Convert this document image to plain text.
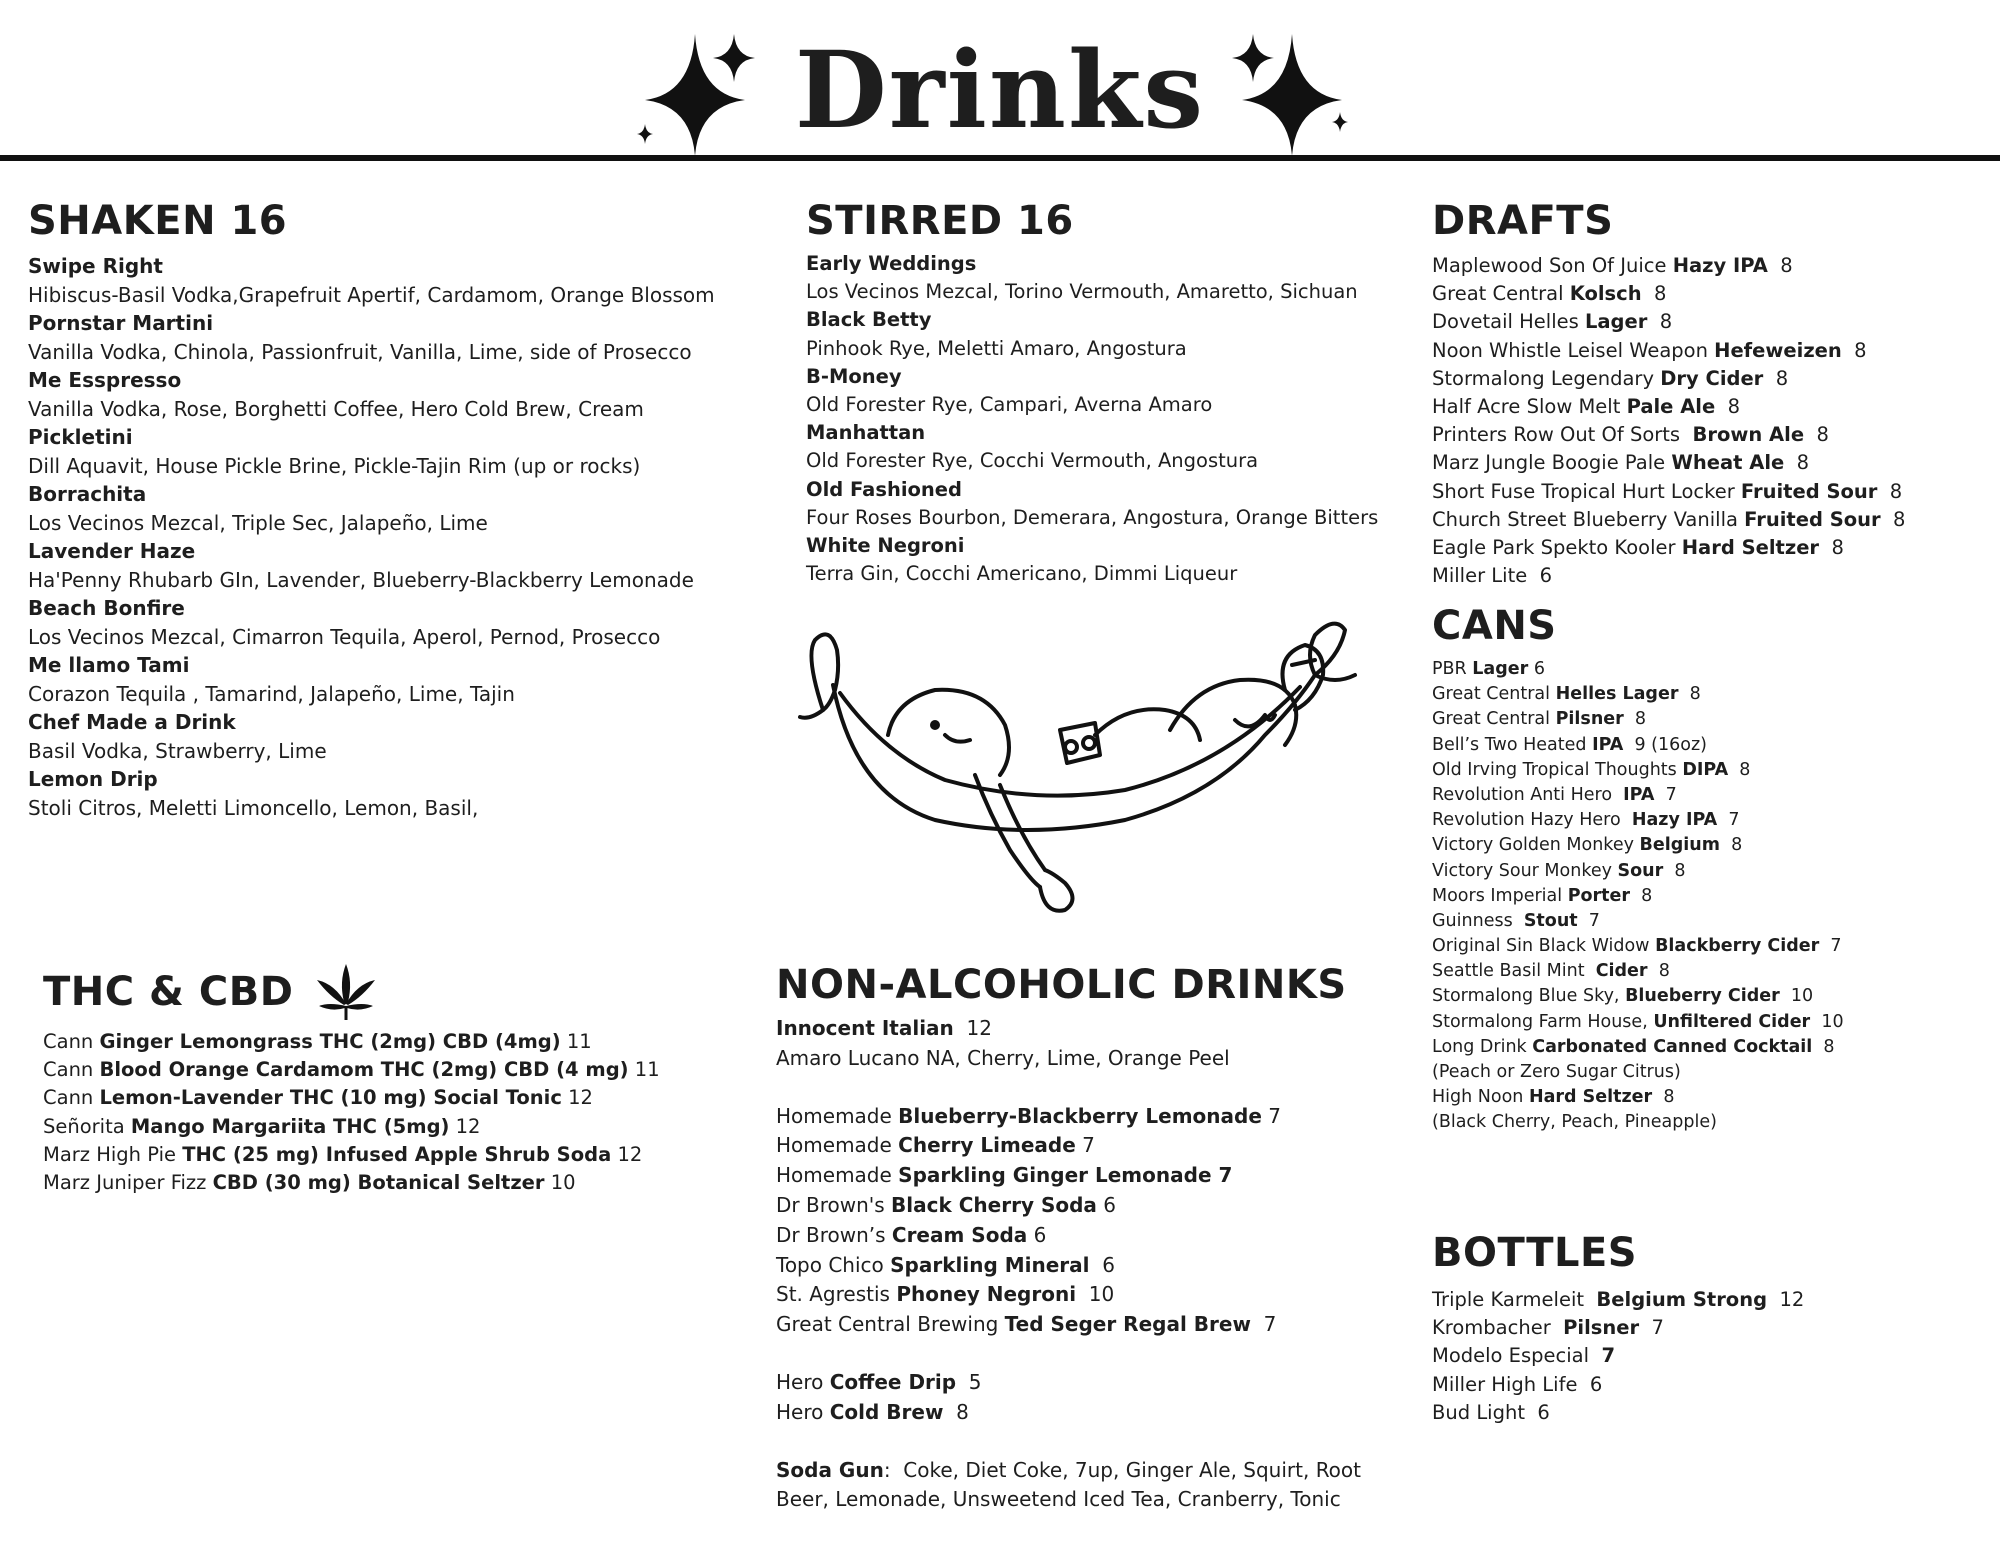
Drinks
SHAKEN 16
Swipe Right
Hibiscus-Basil Vodka,Grapefruit Apertif, Cardamom, Orange Blossom
Pornstar Martini
Vanilla Vodka, Chinola, Passionfruit, Vanilla, Lime, side of Prosecco
Me Esspresso
Vanilla Vodka, Rose, Borghetti Coffee, Hero Cold Brew, Cream
Pickletini
Dill Aquavit, House Pickle Brine, Pickle-Tajin Rim (up or rocks)
Borrachita
Los Vecinos Mezcal, Triple Sec, Jalapeño, Lime
Lavender Haze
Ha'Penny Rhubarb GIn, Lavender, Blueberry-Blackberry Lemonade
Beach Bonfire
Los Vecinos Mezcal, Cimarron Tequila, Aperol, Pernod, Prosecco
Me llamo Tami
Corazon Tequila , Tamarind, Jalapeño, Lime, Tajin
Chef Made a Drink
Basil Vodka, Strawberry, Lime
Lemon Drip
Stoli Citros, Meletti Limoncello, Lemon, Basil,
STIRRED 16
Early Weddings
Los Vecinos Mezcal, Torino Vermouth, Amaretto, Sichuan
Black Betty
Pinhook Rye, Meletti Amaro, Angostura
B-Money
Old Forester Rye, Campari, Averna Amaro
Manhattan
Old Forester Rye, Cocchi Vermouth, Angostura
Old Fashioned
Four Roses Bourbon, Demerara, Angostura, Orange Bitters
White Negroni
Terra Gin, Cocchi Americano, Dimmi Liqueur
DRAFTS
Maplewood Son Of Juice Hazy IPA  8
Great Central Kolsch  8
Dovetail Helles Lager  8
Noon Whistle Leisel Weapon Hefeweizen  8
Stormalong Legendary Dry Cider  8
Half Acre Slow Melt Pale Ale  8
Printers Row Out Of Sorts  Brown Ale  8
Marz Jungle Boogie Pale Wheat Ale  8
Short Fuse Tropical Hurt Locker Fruited Sour  8
Church Street Blueberry Vanilla Fruited Sour  8
Eagle Park Spekto Kooler Hard Seltzer  8
Miller Lite  6
CANS
PBR Lager 6
Great Central Helles Lager  8
Great Central Pilsner  8
Bell’s Two Heated IPA  9 (16oz)
Old Irving Tropical Thoughts DIPA  8
Revolution Anti Hero  IPA  7
Revolution Hazy Hero  Hazy IPA  7
Victory Golden Monkey Belgium  8
Victory Sour Monkey Sour  8
Moors Imperial Porter  8
Guinness  Stout  7
Original Sin Black Widow Blackberry Cider  7
Seattle Basil Mint  Cider  8
Stormalong Blue Sky, Blueberry Cider  10
Stormalong Farm House, Unfiltered Cider  10
Long Drink Carbonated Canned Cocktail  8
(Peach or Zero Sugar Citrus)
High Noon Hard Seltzer  8
(Black Cherry, Peach, Pineapple)
BOTTLES
Triple Karmeleit  Belgium Strong  12
Krombacher  Pilsner  7
Modelo Especial  7
Miller High Life  6
Bud Light  6
THC & CBD
Cann Ginger Lemongrass THC (2mg) CBD (4mg) 11
Cann Blood Orange Cardamom THC (2mg) CBD (4 mg) 11
Cann Lemon-Lavender THC (10 mg) Social Tonic 12
Señorita Mango Margariita THC (5mg) 12
Marz High Pie THC (25 mg) Infused Apple Shrub Soda 12
Marz Juniper Fizz CBD (30 mg) Botanical Seltzer 10
NON-ALCOHOLIC DRINKS
Innocent Italian  12
Amaro Lucano NA, Cherry, Lime, Orange Peel
Homemade Blueberry-Blackberry Lemonade 7
Homemade Cherry Limeade 7
Homemade Sparkling Ginger Lemonade 7
Dr Brown's Black Cherry Soda 6
Dr Brown’s Cream Soda 6
Topo Chico Sparkling Mineral  6
St. Agrestis Phoney Negroni  10
Great Central Brewing Ted Seger Regal Brew  7
Hero Coffee Drip  5
Hero Cold Brew  8
Soda Gun:  Coke, Diet Coke, 7up, Ginger Ale, Squirt, Root
Beer, Lemonade, Unsweetend Iced Tea, Cranberry, Tonic
